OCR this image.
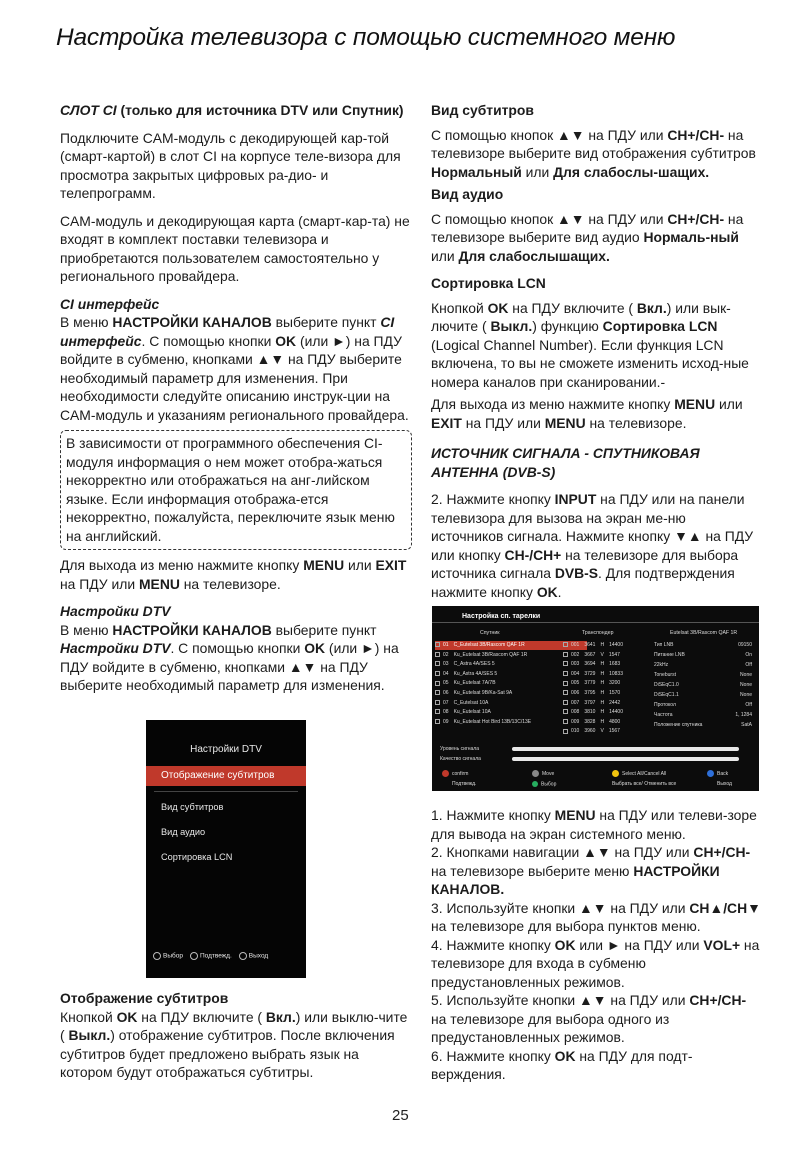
Настройка телевизора с помощью системного меню

СЛОТ CI (только для источника DTV или Спутник)

Подключите CAM-модуль с декодирующей кар-той (смарт-картой) в слот CI на корпусе теле-визора для просмотра закрытых цифровых ра-дио- и телепрограмм.

CAM-модуль и декодирующая карта (смарт-кар-та) не входят в комплект поставки телевизора и приобретаются пользователем самостоятельно у регионального провайдера.

CI интерфейс

В меню НАСТРОЙКИ КАНАЛОВ выберите пункт CI интерфейс. С помощью кнопки OK (или ►) на ПДУ войдите в субменю, кнопками ▲▼ на ПДУ выберите необходимый параметр для изменения. При необходимости следуйте описанию инструк-ции на CAM-модуль и указаниям регионального провайдера.

В зависимости от программного обеспечения CI-модуля информация о нем может отобра-жаться некорректно или отображаться на анг-лийском языке. Если информация отобража-ется некорректно, пожалуйста, переключите язык меню на английский.

Для выхода из меню нажмите кнопку MENU или EXIT на ПДУ или MENU на телевизоре.

Настройки DTV

В меню НАСТРОЙКИ КАНАЛОВ выберите пункт Настройки DTV. С помощью кнопки OK (или ►) на ПДУ войдите в субменю, кнопками ▲▼ на ПДУ выберите необходимый параметр для изменения.

Отображение субтитров

Кнопкой OK на ПДУ включите ( Вкл.) или выклю-чите ( Выкл.) отображение субтитров. После включения субтитров будет предложено выбрать язык на котором будут отображаться субтитры.

Настройки DTV
Отображение субтитров
Вид субтитров
Вид аудио
Сортировка LCN
Выбор	Подтвежд.	Выход

Вид субтитров

С помощью кнопок ▲▼ на ПДУ или CH+/CH- на телевизоре выберите вид отображения субтитров Нормальный или Для слабослы-шащих.

Вид аудио

С помощью кнопок ▲▼ на ПДУ или CH+/CH- на телевизоре выберите вид аудио Нормаль-ный или Для слабослышащих.

Сортировка LCN

Кнопкой OK на ПДУ включите ( Вкл.) или вык-лючите ( Выкл.) функцию Сортировка LCN (Logical Channel Number). Если функция LCN включена, то вы не сможете изменить исход-ные номера каналов при сканировании.-

Для выхода из меню нажмите кнопку MENU или EXIT на ПДУ или MENU на телевизоре.

ИСТОЧНИК СИГНАЛА - СПУТНИКОВАЯ АНТЕННА (DVB-S)

2. Нажмите кнопку INPUT на ПДУ или на панели телевизора для вызова на экран ме-ню источников сигнала. Нажмите кнопку ▼▲ на ПДУ или кнопку CH-/CH+ на телевизоре для выбора источника сигнала DVB-S. Для подтверждения нажмите кнопку OK.

Настройка сп. тарелки
Спутник	Транспондер	Eutelsat 3B/Rascom QAF 1R
01 C_Eutelsat 3B/Rascom QAF 1R
02 Ku_Eutelsat 3B/Rascom QAF 1R
03 C_Astra 4A/SES 5
04 Ku_Astra 4A/SES 5
05 Ku_Eutelsat 7A/7B
06 Ku_Eutelsat 9B/Ka-Sat 9A
07 C_Eutelsat 10A
08 Ku_Eutelsat 10A
09 Ku_Eutelsat Hot Bird 13B/13C/13E
001 3641 H 14400
002 3667 V 1547
003 3694 H 1683
004 3729 H 10833
005 3779 H 3200
006 3795 H 1570
007 3797 H 2442
008 3810 H 14400
009 3828 H 4800
010 3960 V 1567
Тип LNB	09150
Питание LNB	On
22kHz	Off
Toneburst	None
DiSEqC1.0	None
DiSEqC1.1	None
Протокол	Off
Частота	1, 1284
Положение спутника	SatA
Уровень сигнала
Качество сигнала
confirm	Move	Select All/Cancel All	Back
Подтвежд.	Выбор	Выбрать все/ Отменить все	Выход

1. Нажмите кнопку MENU на ПДУ или телеви-зоре для вывода на экран системного меню.

2. Кнопками навигации ▲▼ на ПДУ или CH+/CH- на телевизоре выберите меню НАСТРОЙКИ КАНАЛОВ.

3. Используйте кнопки ▲▼ на ПДУ или CH▲/CH▼ на телевизоре для выбора пунктов меню.

4. Нажмите кнопку OK или ► на ПДУ или VOL+ на телевизоре для входа в субменю предустановленных режимов.

5. Используйте кнопки ▲▼ на ПДУ или CH+/CH- на телевизоре для выбора одного из предустановленных режимов.

6. Нажмите кнопку OK на ПДУ для подт-верждения.

25
